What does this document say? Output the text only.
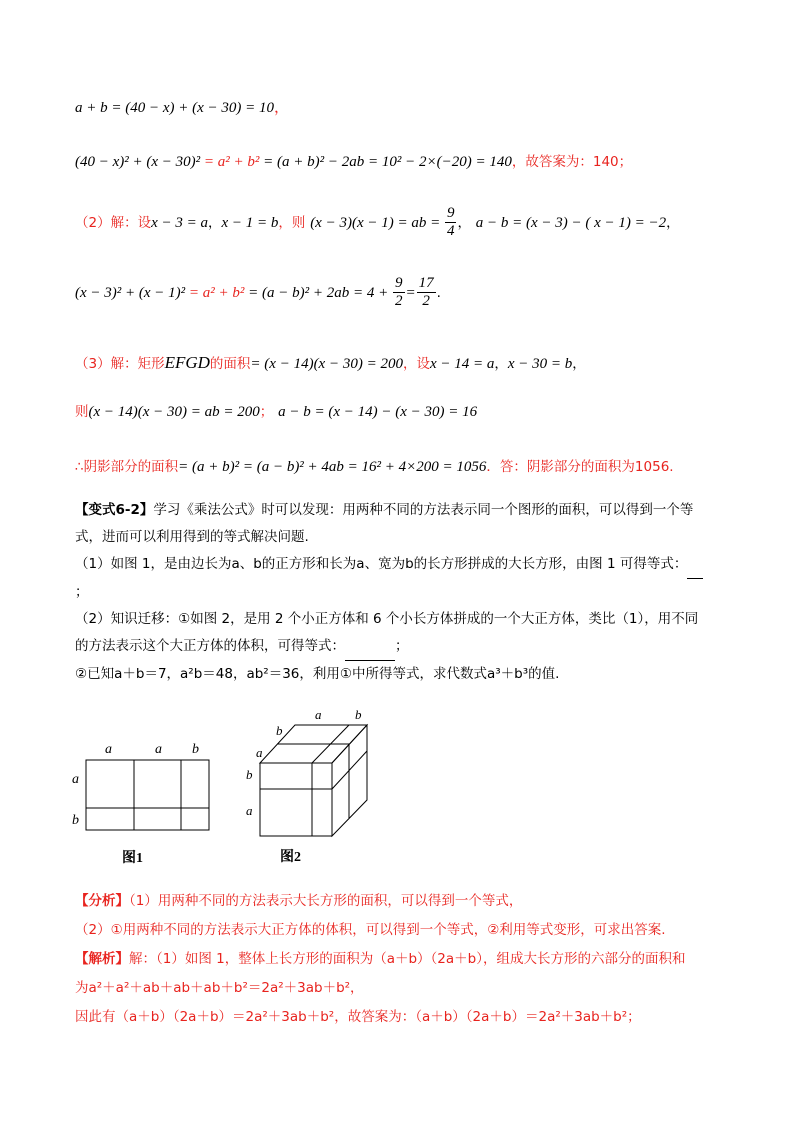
a + b = (40 − x) + (x − 30) = 10，
(40 − x)² + (x − 30)² = a² + b² = (a + b)² − 2ab = 10² − 2×(−20) = 140，故答案为：140；
（2）解：设x − 3 = a，x − 1 = b，则 (x − 3)(x − 1) = ab = $\frac{9}{4}$ ， a − b = (x − 3) − ( x − 1) = −2，
$(x - 3)^2 + (x - 1)^2 = a^2 + b^2 = (a - b)^2 + 2ab = 4 + \frac{9}{2} = \frac{17}{2}$ .
（3）解：矩形EFGD的面积= (x − 14)(x − 30) = 200，设x − 14 = a，x − 30 = b，
则(x − 14)(x − 30) = ab = 200； a − b = (x − 14) − (x − 30) = 16
∴阴影部分的面积= (a + b)² = (a − b)² + 4ab = 16² + 4×200 = 1056．答：阴影部分的面积为1056.

【变式6-2】学习《乘法公式》时可以发现：用两种不同的方法表示同一个图形的面积，可以得到一个等

式，进而可以利用得到的等式解决问题.

（1）如图 1，是由边长为a、b的正方形和长为a、宽为b的长方形拼成的大长方形，由图 1 可得等式：

；

（2）知识迁移：①如图 2，是用 2 个小正方体和 6 个小长方体拼成的一个大正方体，类比（1），用不同

的方法表示这个大正方体的体积，可得等式：	；

②已知a＋b＝7，a²b＝48，ab²＝36，利用①中所得等式，求代数式a³＋b³的值.

a	a b
a
b
图1
a	b
b
a
b
a
图2

【分析】（1）用两种不同的方法表示大长方形的面积，可以得到一个等式，

（2）①用两种不同的方法表示大正方体的体积，可以得到一个等式，②利用等式变形，可求出答案.

【解析】解：（1）如图 1，整体上长方形的面积为（a＋b）（2a＋b），组成大长方形的六部分的面积和

为a²＋a²＋ab＋ab＋ab＋b²＝2a²＋3ab＋b²，

因此有（a＋b）（2a＋b）＝2a²＋3ab＋b²，故答案为：（a＋b）（2a＋b）＝2a²＋3ab＋b²；
